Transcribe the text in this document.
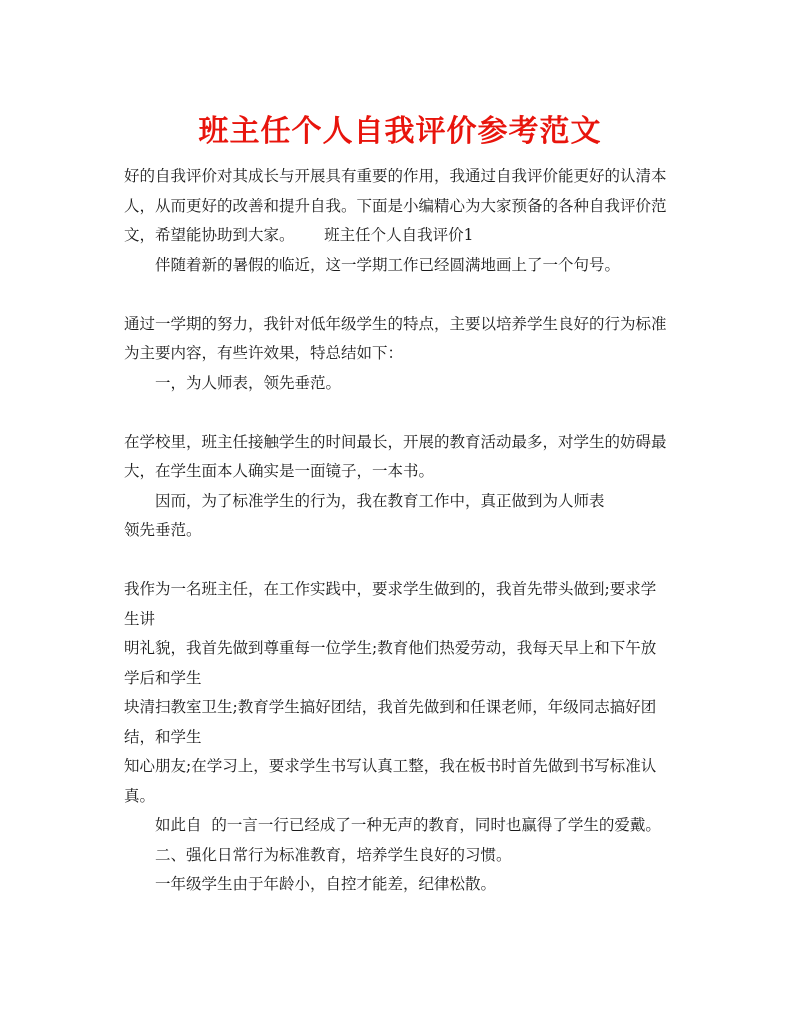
班主任个人自我评价参考范文
好的自我评价对其成长与开展具有重要的作用，我通过自我评价能更好的认清本
人，从而更好的改善和提升自我。下面是小编精心为大家预备的各种自我评价范
文，希望能协助到大家。      班主任个人自我评价1
伴随着新的暑假的临近，这一学期工作已经圆满地画上了一个句号。
通过一学期的努力，我针对低年级学生的特点，主要以培养学生良好的行为标准
为主要内容，有些许效果，特总结如下：
一，为人师表，领先垂范。
在学校里，班主任接触学生的时间最长，开展的教育活动最多，对学生的妨碍最
大，在学生面本人确实是一面镜子，一本书。
因而，为了标准学生的行为，我在教育工作中，真正做到为人师表
领先垂范。
我作为一名班主任，在工作实践中，要求学生做到的，我首先带头做到;要求学
生讲
明礼貌，我首先做到尊重每一位学生;教育他们热爱劳动，我每天早上和下午放
学后和学生
块清扫教室卫生;教育学生搞好团结，我首先做到和任课老师，年级同志搞好团
结，和学生
知心朋友;在学习上，要求学生书写认真工整，我在板书时首先做到书写标准认
真。
如此自  的一言一行已经成了一种无声的教育，同时也赢得了学生的爱戴。
二、强化日常行为标准教育，培养学生良好的习惯。
一年级学生由于年龄小，自控才能差，纪律松散。
